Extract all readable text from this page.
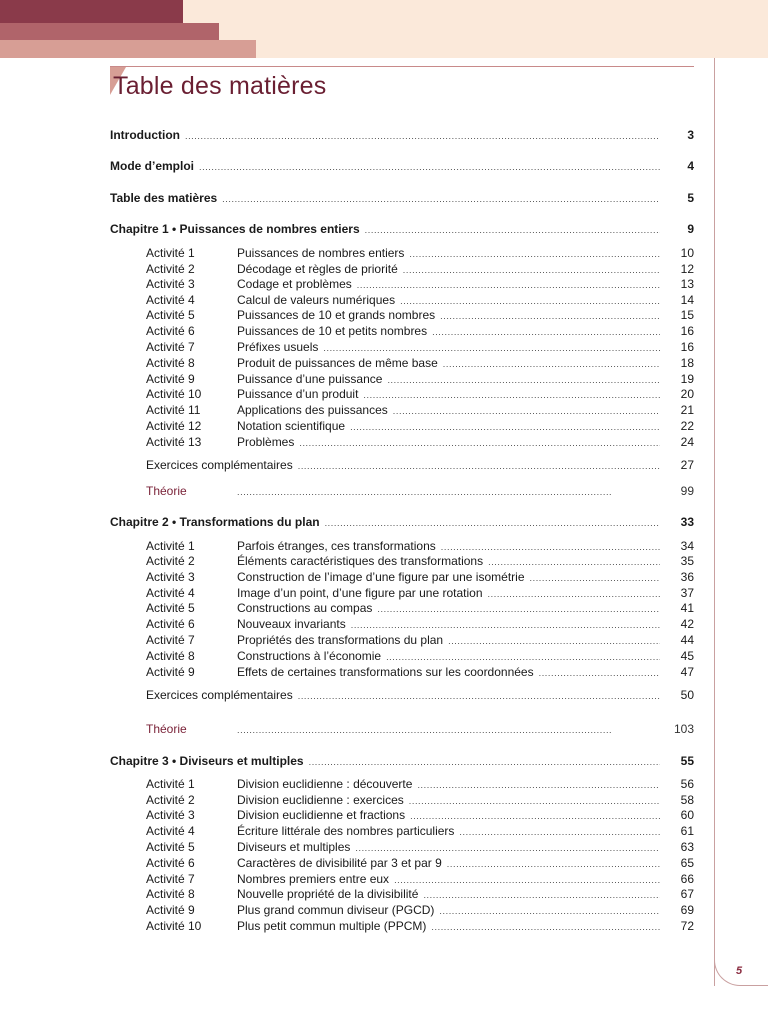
Table des matières
Introduction .....	3
Mode d’emploi .....	4
Table des matières .....	5
Chapitre 1 • Puissances de nombres entiers .....	9
Activité 1	Puissances de nombres entiers .....	10
Activité 2	Décodage et règles de priorité .....	12
Activité 3	Codage et problèmes .....	13
Activité 4	Calcul de valeurs numériques .....	14
Activité 5	Puissances de 10 et grands nombres .....	15
Activité 6	Puissances de 10 et petits nombres .....	16
Activité 7	Préfixes usuels .....	16
Activité 8	Produit de puissances de même base .....	18
Activité 9	Puissance d’une puissance .....	19
Activité 10	Puissance d’un produit .....	20
Activité 11	Applications des puissances .....	21
Activité 12	Notation scientifique .....	22
Activité 13	Problèmes .....	24
Exercices complémentaires .....	27
Théorie .....	99
Chapitre 2 • Transformations du plan .....	33
Activité 1	Parfois étranges, ces transformations .....	34
Activité 2	Éléments caractéristiques des transformations .....	35
Activité 3	Construction de l’image d’une figure par une isométrie .....	36
Activité 4	Image d’un point, d’une figure par une rotation .....	37
Activité 5	Constructions au compas .....	41
Activité 6	Nouveaux invariants .....	42
Activité 7	Propriétés des transformations du plan .....	44
Activité 8	Constructions à l’économie .....	45
Activité 9	Effets de certaines transformations sur les coordonnées .....	47
Exercices complémentaires .....	50
Théorie .....	103
Chapitre 3 • Diviseurs et multiples .....	55
Activité 1	Division euclidienne : découverte .....	56
Activité 2	Division euclidienne : exercices .....	58
Activité 3	Division euclidienne et fractions .....	60
Activité 4	Écriture littérale des nombres particuliers .....	61
Activité 5	Diviseurs et multiples .....	63
Activité 6	Caractères de divisibilité par 3 et par 9 .....	65
Activité 7	Nombres premiers entre eux .....	66
Activité 8	Nouvelle propriété de la divisibilité .....	67
Activité 9	Plus grand commun diviseur (PGCD) .....	69
Activité 10	Plus petit commun multiple (PPCM) .....	72
5
